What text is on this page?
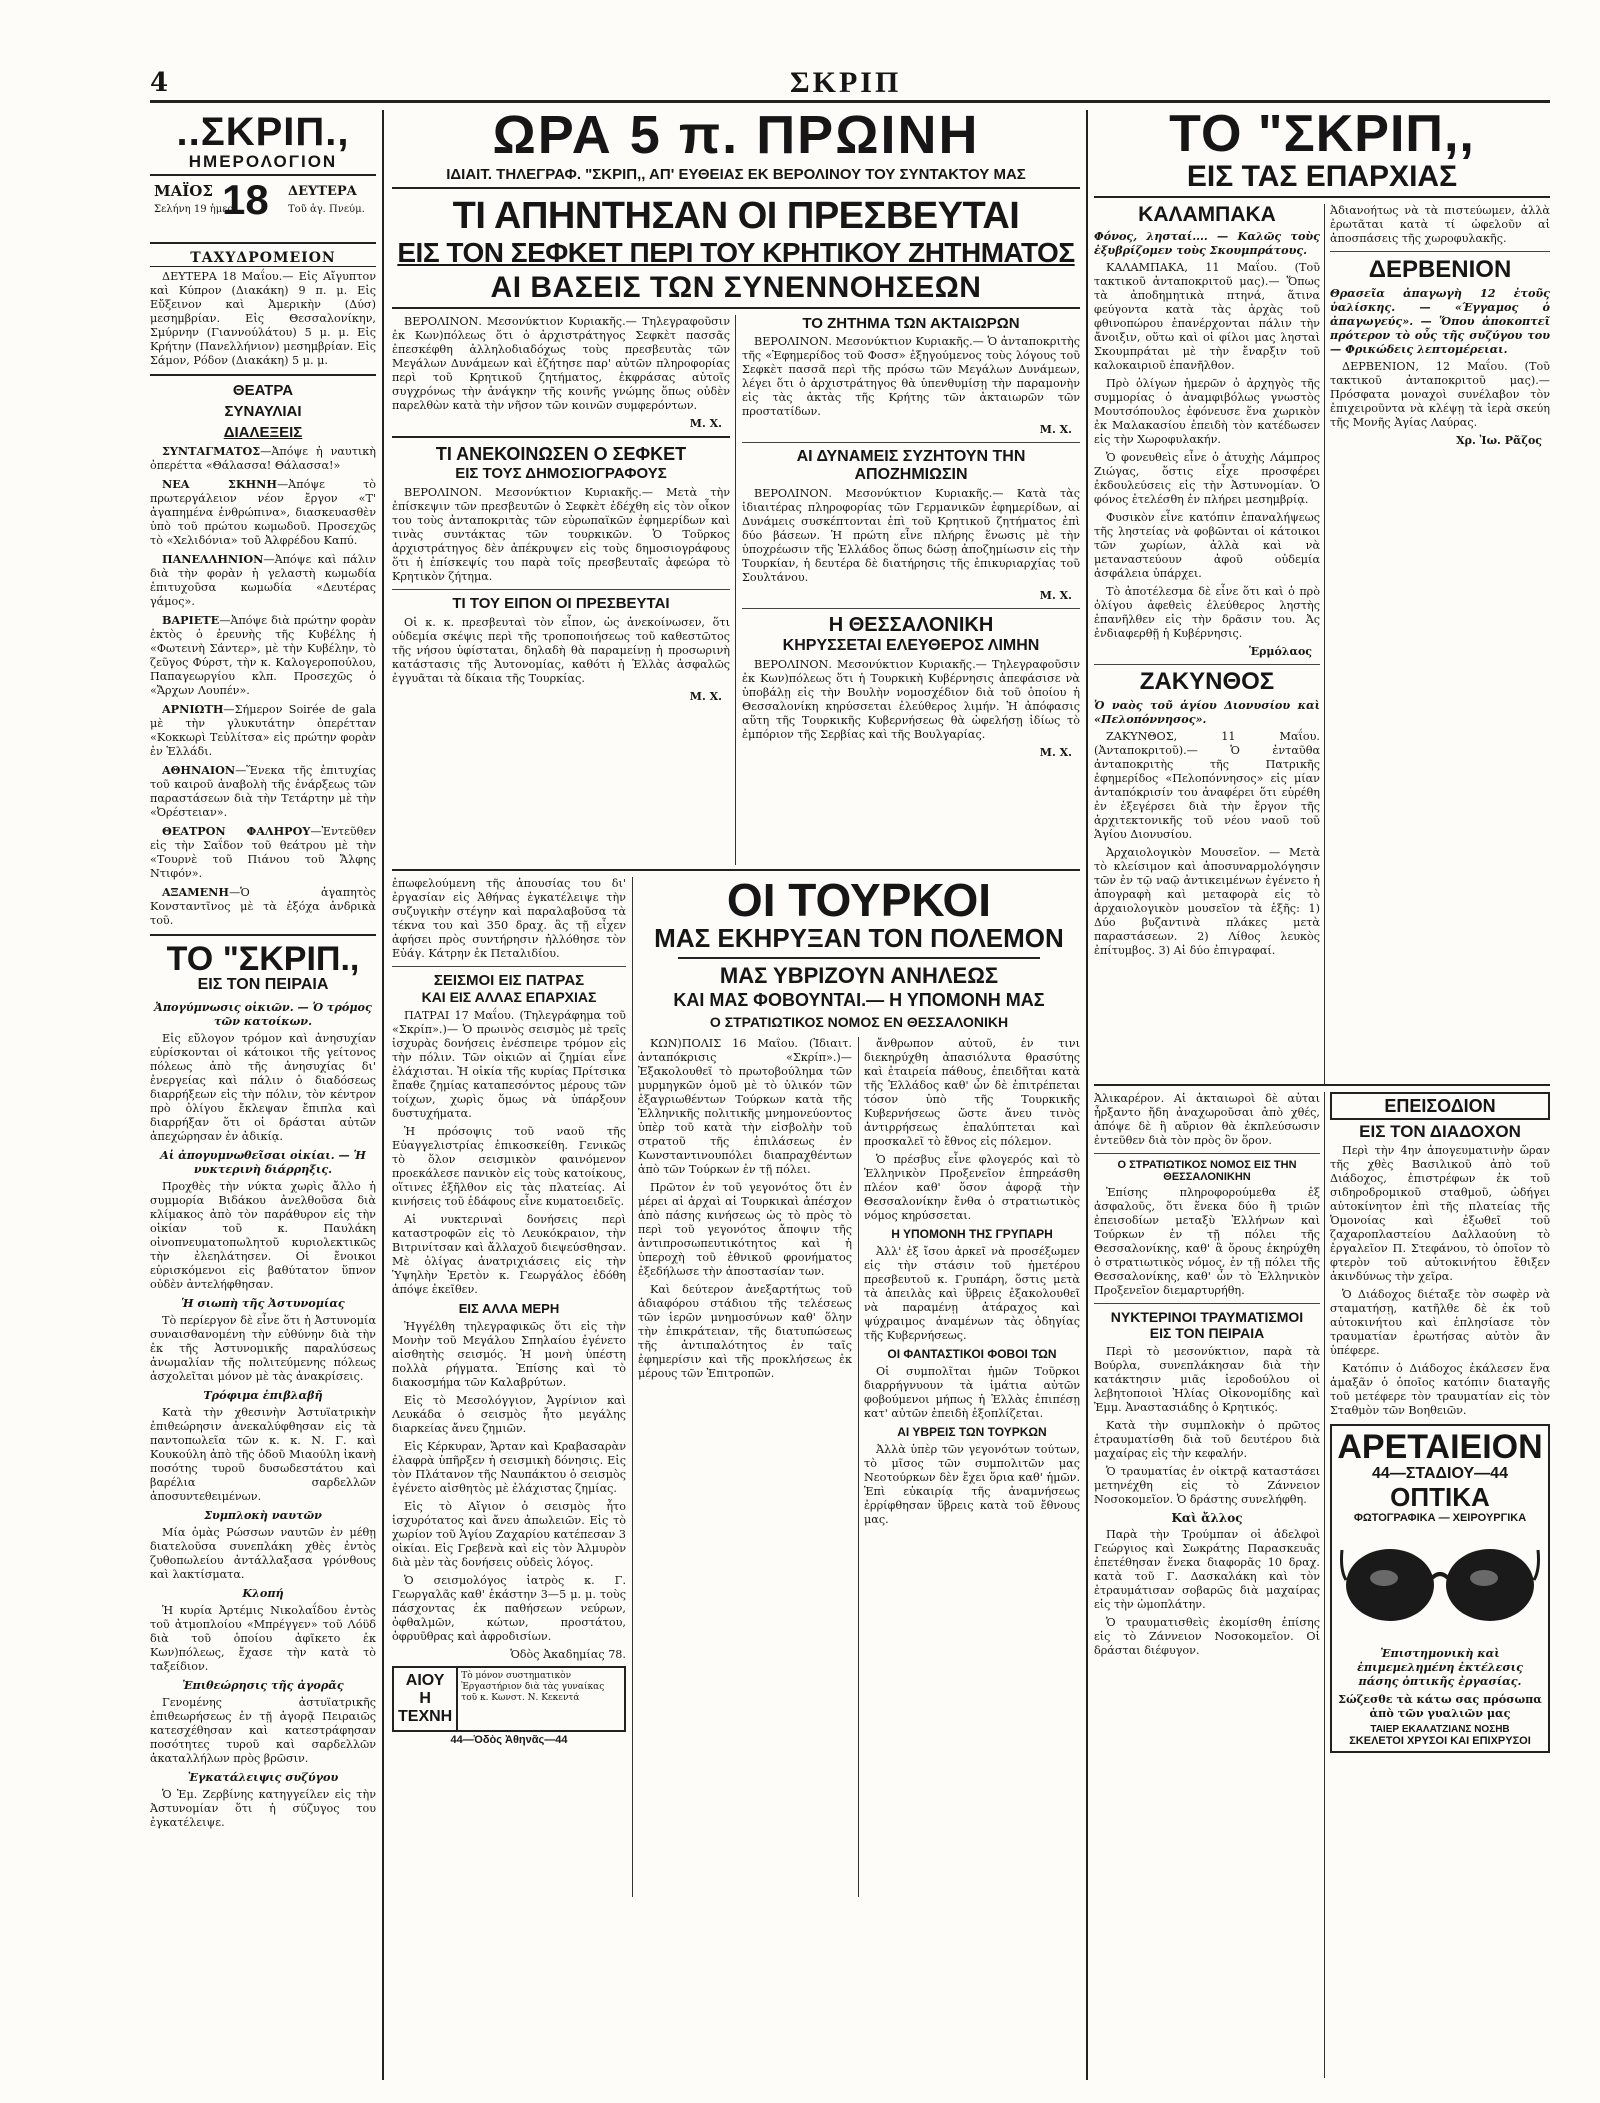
4	ΣΚΡΙΠ
..ΣΚΡΙΠ.,
ΗΜΕΡΟΛΟΓΙΟΝ
ΜΑΪΟΣ 18 ΔΕΥΤΕΡΑ
Σελήνη 19 ἡμερ.	Τοῦ ἁγ. Πνεύμ.
ΤΑΧΥΔΡΟΜΕΙΟΝ
ΔΕΥΤΕΡΑ 18 Μαΐου.— Εἰς Αἴγυπτον καὶ Κύπρον (Διακάκη) 9 π. μ. Εἰς Εὔξεινον καὶ Ἀμερικὴν (Δύσ) μεσημβρίαν. Εἰς Θεσσαλονίκην, Σμύρνην (Γιαννούλάτου) 5 μ. μ. Εἰς Κρήτην (Πανελλήνιον) μεσημβρίαν. Εἰς Σάμον, Ρόδον (Διακάκη) 5 μ. μ.
ΘΕΑΤΡΑ
ΣΥΝΑΥΛΙΑΙ
ΔΙΑΛΕΞΕΙΣ
ΣΥΝΤΑΓΜΑΤΟΣ—Ἀπόψε ἡ ναυτικὴ ὀπερέττα «Θάλασσα! Θάλασσα!»
ΝΕΑ ΣΚΗΝΗ—Ἀπόψε τὸ πρωτεργάλειον νέον ἔργον «Τ' ἀγαπημένα ἐνθρώπινα», διασκευασθὲν ὑπὸ τοῦ πρώτου κωμωδοῦ. Προσεχῶς τὸ «Χελιδόνια» τοῦ Ἀλφρέδου Καπύ.
ΠΑΝΕΛΛΗΝΙΟΝ—Ἀπόψε καὶ πάλιν διὰ τὴν φορὰν ἡ γελαστὴ κωμωδία ἐπιτυχοῦσα κωμωδία «Δευτέρας γάμος».
ΒΑΡΙΕΤΕ—Ἀπόψε διὰ πρώτην φορὰν ἐκτὸς ὁ ἐρευνὴς τῆς Κυβέλης ἡ «Φωτεινὴ Σάντερ», μὲ τὴν Κυβέλην, τὸ ζεῦγος Φύρστ, τὴν κ. Καλογεροπούλου, Παπαγεωργίου κλπ. Προσεχῶς ὁ «Ἄρχων Λουπέν».
ΑΡΝΙΩΤΗ—Σήμερον Soirée de gala μὲ τὴν γλυκυτάτην ὀπερέτταν «Κοκκωρὶ Τεὐλίτσα» εἰς πρώτην φορὰν ἐν Ἑλλάδι.
ΑΘΗΝΑΙΟΝ—Ἕνεκα τῆς ἐπιτυχίας τοῦ καιροῦ ἀναβολὴ τῆς ἐνάρξεως τῶν παραστάσεων διὰ τὴν Τετάρτην μὲ τὴν «Ὀρέστειαν».
ΘΕΑΤΡΟΝ ΦΑΛΗΡΟΥ—Ἐντεῦθεν εἰς τὴν Σαΐδον τοῦ θεάτρου μὲ τὴν «Τουρνὲ τοῦ Πιάνου τοῦ Ἄλφης Ντιφόν».
ΑΞΑΜΕΝΗ—Ὁ ἀγαπητὸς Κονσταντῖνος μὲ τὰ ἐξόχα ἀνδρικὰ τοῦ.
ΤΟ "ΣΚΡΙΠ.,
ΕΙΣ ΤΟΝ ΠΕΙΡΑΙΑ
Ἀπογύμνωσις οἰκιῶν. — Ὁ τρόμος τῶν κατοίκων.
Εἰς εὔλογον τρόμον καὶ ἀνησυχίαν εὑρίσκονται οἱ κάτοικοι τῆς γείτονος πόλεως ἀπὸ τῆς ἀνησυχίας δι' ἐνεργείας καὶ πάλιν ὁ διαδόσεως διαρρήξεων εἰς τὴν πόλιν, τὸν κέντρον πρὸ ὀλίγου ἔκλεψαν ἔπιπλα καὶ διαρρήξαν ὅτι οἱ δράσται αὐτῶν ἀπεχώρησαν ἐν ἀδικίᾳ.
Αἱ ἀπογυμνωθεῖσαι οἰκίαι. — Ἡ νυκτερινὴ διάρρηξις.
Προχθὲς τὴν νύκτα χωρὶς ἄλλο ἡ συμμορία Βιδάκου ἀνελθοῦσα διὰ κλίμακος ἀπὸ τὸν παράθυρον εἰς τὴν οἰκίαν τοῦ κ. Παυλάκη οἰνοπνευματοπωλητοῦ κυριολεκτικῶς τὴν ἐλεηλάτησεν. Οἱ ἔνοικοι εὑρισκόμενοι εἰς βαθύτατον ὕπνον οὐδὲν ἀντελήφθησαν.
Ἡ σιωπὴ τῆς Ἀστυνομίας
Τὸ περίεργον δὲ εἶνε ὅτι ἡ Ἀστυνομία συναισθανομένη τὴν εὐθύνην διὰ τὴν ἐκ τῆς Ἀστυνομικῆς παραλύσεως ἀνωμαλίαν τῆς πολιτεύμενης πόλεως ἀσχολεῖται μόνον μὲ τὰς ἀνακρίσεις.
Τρόφιμα ἐπιβλαβῆ
Κατὰ τὴν χθεσινὴν Ἀστυϊατρικὴν ἐπιθεώρησιν ἀνεκαλύφθησαν εἰς τὰ παντοπωλεῖα τῶν κ. κ. Ν. Γ. καὶ Κουκούλη ἀπὸ τῆς ὁδοῦ Μιαούλη ἱκανὴ ποσότης τυροῦ δυσωδεστάτου καὶ βαρέλια σαρδελλῶν ἀποσυντεθειμένων.
Συμπλοκὴ ναυτῶν
Μία ὁμὰς Ρώσσων ναυτῶν ἐν μέθῃ διατελοῦσα συνεπλάκη χθὲς ἐντὸς ζυθοπωλείου ἀντάλλαξασα γρόνθους καὶ λακτίσματα.
Κλοπή
Ἡ κυρία Ἀρτέμις Νικολαΐδου ἐντὸς τοῦ ἀτμοπλοίου «Μπρέγγεν» τοῦ Λόϋδ διὰ τοῦ ὁποίου ἀφῖκετο ἐκ Κων)πόλεως, ἔχασε τὴν κατὰ τὸ ταξείδιον.
Ἐπιθεώρησις τῆς ἀγορᾶς
Γενομένης ἀστυϊατρικῆς ἐπιθεωρήσεως ἐν τῇ ἀγορᾷ Πειραιῶς κατεσχέθησαν καὶ κατεστράφησαν ποσότητες τυροῦ καὶ σαρδελλῶν ἀκαταλλήλων πρὸς βρῶσιν.
Ἐγκατάλειψις συζύγου
Ὁ Ἐμ. Ζερβίνης κατηγγείλεν εἰς τὴν Ἀστυνομίαν ὅτι ἡ σύζυγος του ἐγκατέλειψε.
ΩΡΑ 5 π. ΠΡΩΙΝΗ
ΙΔΙΑΙΤ. ΤΗΛΕΓΡΑΦ. "ΣΚΡΙΠ,, ΑΠ' ΕΥΘΕΙΑΣ ΕΚ ΒΕΡΟΛΙΝΟΥ ΤΟΥ ΣΥΝΤΑΚΤΟΥ ΜΑΣ
ΤΙ ΑΠΗΝΤΗΣΑΝ ΟΙ ΠΡΕΣΒΕΥΤΑΙ
ΕΙΣ ΤΟΝ ΣΕΦΚΕΤ ΠΕΡΙ ΤΟΥ ΚΡΗΤΙΚΟΥ ΖΗΤΗΜΑΤΟΣ
ΑΙ ΒΑΣΕΙΣ ΤΩΝ ΣΥΝΕΝΝΟΗΣΕΩΝ
ΒΕΡΟΛΙΝΟΝ. Μεσονύκτιον Κυριακῆς.— Τηλεγραφοῦσιν ἐκ Κων)πόλεως ὅτι ὁ ἀρχιστράτηγος Σεφκὲτ πασσᾶς ἐπεσκέφθη ἀλληλοδιαδόχως τοὺς πρεσβευτὰς τῶν Μεγάλων Δυνάμεων καὶ ἐζήτησε παρ' αὐτῶν πληροφορίας περὶ τοῦ Κρητικοῦ ζητήματος, ἐκφράσας αὐτοῖς συγχρόνως τὴν ἀνάγκην τῆς κοινῆς γνώμης ὅπως οὐδὲν παρελθὼν κατὰ τὴν νῆσον τῶν κοινῶν συμφερόντων.
Μ. Χ.
ΤΙ ΑΝΕΚΟΙΝΩΣΕΝ Ο ΣΕΦΚΕΤ
ΕΙΣ ΤΟΥΣ ΔΗΜΟΣΙΟΓΡΑΦΟΥΣ
ΒΕΡΟΛΙΝΟΝ. Μεσονύκτιον Κυριακῆς.— Μετὰ τὴν ἐπίσκεψιν τῶν πρεσβευτῶν ὁ Σεφκὲτ ἐδέχθη εἰς τὸν οἶκον του τοὺς ἀνταποκριτὰς τῶν εὐρωπαϊκῶν ἐφημερίδων καὶ τινὰς συντάκτας τῶν τουρκικῶν. Ὁ Τοῦρκος ἀρχιστράτηγος δὲν ἀπέκρυψεν εἰς τοὺς δημοσιογράφους ὅτι ἡ ἐπίσκεψίς του παρὰ τοῖς πρεσβευταῖς ἀφεώρα τὸ Κρητικὸν ζήτημα.
ΤΙ ΤΟΥ ΕΙΠΟΝ ΟΙ ΠΡΕΣΒΕΥΤΑΙ
Οἱ κ. κ. πρεσβευταὶ τὸν εἶπον, ὡς ἀνεκοίνωσεν, ὅτι οὐδεμία σκέψις περὶ τῆς τροποποιήσεως τοῦ καθεστῶτος τῆς νήσου ὑφίσταται, δηλαδὴ θὰ παραμείνῃ ἡ προσωρινὴ κατάστασις τῆς Ἀυτονομίας, καθότι ἡ Ἑλλὰς ἀσφαλῶς ἐγγυᾶται τὰ δίκαια τῆς Τουρκίας.
Μ. Χ.
ΤΟ ΖΗΤΗΜΑ ΤΩΝ ΑΚΤΑΙΩΡΩΝ
ΒΕΡΟΛΙΝΟΝ. Μεσονύκτιον Κυριακῆς.— Ὁ ἀνταποκριτὴς τῆς «Ἐφημερίδος τοῦ Φοσσ» ἐξηγούμενος τοὺς λόγους τοῦ Σεφκὲτ πασσᾶ περὶ τῆς πρόσω τῶν Μεγάλων Δυνάμεων, λέγει ὅτι ὁ ἀρχιστράτηγος θὰ ὑπενθυμίσῃ τὴν παραμονὴν εἰς τὰς ἀκτὰς τῆς Κρήτης τῶν ἀκταιωρῶν τῶν προστατίδων.
Μ. Χ.
ΑΙ ΔΥΝΑΜΕΙΣ ΣΥΖΗΤΟΥΝ ΤΗΝ ΑΠΟΖΗΜΙΩΣΙΝ
ΒΕΡΟΛΙΝΟΝ. Μεσονύκτιον Κυριακῆς.— Κατὰ τὰς ἰδιαιτέρας πληροφορίας τῶν Γερμανικῶν ἐφημερίδων, αἱ Δυνάμεις συσκέπτονται ἐπὶ τοῦ Κρητικοῦ ζητήματος ἐπὶ δύο βάσεων. Ἡ πρώτη εἶνε πλήρης ἕνωσις μὲ τὴν ὑποχρέωσιν τῆς Ἑλλάδος ὅπως δώσῃ ἀποζημίωσιν εἰς τὴν Τουρκίαν, ἡ δευτέρα δὲ διατήρησις τῆς ἐπικυριαρχίας τοῦ Σουλτάνου.
Μ. Χ.
Η ΘΕΣΣΑΛΟΝΙΚΗ
ΚΗΡΥΣΣΕΤΑΙ ΕΛΕΥΘΕΡΟΣ ΛΙΜΗΝ
ΒΕΡΟΛΙΝΟΝ. Μεσονύκτιον Κυριακῆς.— Τηλεγραφοῦσιν ἐκ Κων)πόλεως ὅτι ἡ Τουρκικὴ Κυβέρνησις ἀπεφάσισε νὰ ὑποβάλῃ εἰς τὴν Βουλὴν νομοσχέδιον διὰ τοῦ ὁποίου ἡ Θεσσαλονίκη κηρύσσεται ἐλεύθερος λιμήν. Ἡ ἀπόφασις αὕτη τῆς Τουρκικῆς Κυβερνήσεως θὰ ὠφελήσῃ ἰδίως τὸ ἐμπόριον τῆς Σερβίας καὶ τῆς Βουλγαρίας.
Μ. Χ.
ἐπωφελούμενη τῆς ἀπουσίας του δι' ἐργασίαν εἰς Ἀθήνας ἐγκατέλειψε τὴν συζυγικὴν στέγην καὶ παραλαβοῦσα τὰ τέκνα του καὶ 350 δραχ. ἃς τῇ εἶχεν ἀφήσει πρὸς συντήρησιν ἠλλόθησε τὸν Εὐάγ. Κάτρην ἐκ Πεταλιδίου.
ΣΕΙΣΜΟΙ ΕΙΣ ΠΑΤΡΑΣ
ΚΑΙ ΕΙΣ ΑΛΛΑΣ ΕΠΑΡΧΙΑΣ
ΠΑΤΡΑΙ 17 Μαΐου. (Τηλεγράφημα τοῦ «Σκρίπ».)— Ὁ πρωινὸς σεισμὸς μὲ τρεῖς ἰσχυρὰς δονήσεις ἐνέσπειρε τρόμον εἰς τὴν πόλιν. Τῶν οἰκιῶν αἱ ζημίαι εἶνε ἐλάχισται. Ἡ οἰκία τῆς κυρίας Πρίτσικα ἔπαθε ζημίας καταπεσόντος μέρους τῶν τοίχων, χωρὶς ὅμως νὰ ὑπάρξουν δυστυχήματα.
Ἡ πρόσοψις τοῦ ναοῦ τῆς Εὐαγγελιστρίας ἐπικοσκείθη. Γενικῶς τὸ ὅλον σεισμικὸν φαινόμενον προεκάλεσε πανικὸν εἰς τοὺς κατοίκους, οἵτινες ἐξῆλθον εἰς τὰς πλατείας. Αἱ κινήσεις τοῦ ἐδάφους εἶνε κυματοειδεῖς.
Αἱ νυκτεριναὶ δονήσεις περὶ καταστροφῶν εἰς τὸ Λευκόκραιον, τὴν Βιτρινίτσαν καὶ ἄλλαχοῦ διεψεύσθησαν. Μὲ ὀλίγας ἀνατριχιάσεις εἰς τὴν Ὑψηλὴν Ἐρετὸν κ. Γεωργάλος ἐδόθη ἀπόψε ἐκεῖθεν.
ΕΙΣ ΑΛΛΑ ΜΕΡΗ
Ἠγγέλθη τηλεγραφικῶς ὅτι εἰς τὴν Μονὴν τοῦ Μεγάλου Σπηλαίου ἐγένετο αἰσθητὴς σεισμός. Ἡ μονὴ ὑπέστη πολλὰ ρήγματα. Ἐπίσης καὶ τὸ διακοσμήμα τῶν Καλαβρύτων.
Εἰς τὸ Μεσολόγγιον, Ἀγρίνιον καὶ Λευκάδα ὁ σεισμὸς ἦτο μεγάλης διαρκείας ἄνευ ζημιῶν.
Εἰς Κέρκυραν, Ἄρταν καὶ Κραβασαρὰν ἐλαφρὰ ὑπῆρξεν ἡ σεισμικὴ δόνησις. Εἰς τὸν Πλάτανον τῆς Ναυπάκτου ὁ σεισμὸς ἐγένετο αἰσθητὸς μὲ ἐλάχιστας ζημίας.
Εἰς τὸ Αἴγιον ὁ σεισμὸς ἦτο ἰσχυρότατος καὶ ἄνευ ἀπωλειῶν. Εἰς τὸ χωρίον τοῦ Ἁγίου Ζαχαρίου κατέπεσαν 3 οἰκίαι. Εἰς Γρεβενὰ καὶ εἰς τὸν Ἀλμυρὸν διὰ μὲν τὰς δονήσεις οὐδεὶς λόγος.
Ὁ σεισμολόγος ἰατρὸς κ. Γ. Γεωργαλᾶς καθ' ἑκάστην 3—5 μ. μ. τοὺς πάσχοντας ἐκ παθήσεων νεύρων, ὀφθαλμῶν, κώτων, προστάτου, ὀφρυῦθρας καὶ ἀφροδισίων.
Ὁδὸς Ἀκαδημίας 78.
ΑΙΟΥ Η ΤΕΧΝΗ
Τὸ μόνον συστηματικὸν Ἐργαστήριον διὰ τὰς γυναίκας τοῦ κ. Κωνστ. Ν. Κεκεντά
44—Ὁδὸς Ἀθηνᾶς—44
ΟΙ ΤΟΥΡΚΟΙ
ΜΑΣ ΕΚΗΡΥΞΑΝ ΤΟΝ ΠΟΛΕΜΟΝ
ΜΑΣ ΥΒΡΙΖΟΥΝ ΑΝΗΛΕΩΣ
ΚΑΙ ΜΑΣ ΦΟΒΟΥΝΤΑΙ.— Η ΥΠΟΜΟΝΗ ΜΑΣ
Ο ΣΤΡΑΤΙΩΤΙΚΟΣ ΝΟΜΟΣ ΕΝ ΘΕΣΣΑΛΟΝΙΚΗ
ΚΩΝ)ΠΟΛΙΣ 16 Μαΐου. (Ἰδιαιτ. ἀνταπόκρισις «Σκρίπ».)— Ἐξακολουθεῖ τὸ πρωτοβούλημα τῶν μυρμηγκῶν ὁμοῦ μὲ τὸ ὑλικόν τῶν ἐξαγριωθέντων Τούρκων κατὰ τῆς Ἑλληνικῆς πολιτικῆς μνημονεύοντος ὑπὲρ τοῦ κατὰ τὴν εἰσβολὴν τοῦ στρατοῦ τῆς ἐπιλάσεως ἐν Κωνσταντινουπόλει διαπραχθέντων ἀπὸ τῶν Τούρκων ἐν τῇ πόλει.
Πρῶτον ἐν τοῦ γεγονότος ὅτι ἐν μέρει αἱ ἀρχαὶ αἱ Τουρκικαὶ ἀπέσχον ἀπὸ πάσης κινήσεως ὡς τὸ πρὸς τὸ περὶ τοῦ γεγονότος ἄποψιν τῆς ἀντιπροσωπευτικότητος καὶ ἡ ὑπεροχὴ τοῦ ἐθνικοῦ φρονήματος ἐξεδήλωσε τὴν ἀποστασίαν των.
Καὶ δεύτερον ἀνεξαρτήτως τοῦ ἀδιαφόρου στάδιου τῆς τελέσεως τῶν ἱερῶν μνημοσύνων καθ' ὅλην τὴν ἐπικράτειαν, τῆς διατυπώσεως τῆς ἀντιπαλότητος ἐν ταῖς ἐφημερίσιν καὶ τῆς προκλήσεως ἐκ μέρους τῶν Ἐπιτροπῶν.
ἄνθρωπον αὐτοῦ, ἐν τινι διεκηρύχθη ἀπασιόλυτα θρασύτης καὶ ἐταιρεία πάθους, ἐπειδῆται κατὰ τῆς Ἑλλάδος καθ' ὧν δὲ ἐπιτρέπεται τόσον ὑπὸ τῆς Τουρκικῆς Κυβερνήσεως ὥστε ἄνευ τινὸς ἀντιρρήσεως ἐπαλύπτεται καὶ προσκαλεῖ τὸ ἔθνος εἰς πόλεμον.
Ὁ πρέσβυς εἶνε φλογερός καὶ τὸ Ἑλληνικὸν Προξενεῖον ἐπηρεάσθη πλέον καθ' ὅσον ἀφορᾷ τὴν Θεσσαλονίκην ἔνθα ὁ στρατιωτικὸς νόμος κηρύσσεται.
Η ΥΠΟΜΟΝΗ ΤΗΣ ΓΡΥΠΑΡΗ
Ἀλλ' ἐξ ἴσου ἀρκεῖ νὰ προσέξωμεν εἰς τὴν στάσιν τοῦ ἡμετέρου πρεσβευτοῦ κ. Γρυπάρη, ὅστις μετὰ τὰ ἀπειλὰς καὶ ὕβρεις ἐξακολουθεῖ νὰ παραμένῃ ἀτάραχος καὶ ψύχραιμος ἀναμένων τὰς ὁδηγίας τῆς Κυβερνήσεως.
ΟΙ ΦΑΝΤΑΣΤΙΚΟΙ ΦΟΒΟΙ ΤΩΝ
Οἱ συμπολῖται ἡμῶν Τοῦρκοι διαρρήγνυουν τὰ ἱμάτια αὐτῶν φοβούμενοι μήπως ἡ Ἑλλὰς ἐπιπέσῃ κατ' αὐτῶν ἐπειδὴ ἐξοπλίζεται.
ΑΙ ΥΒΡΕΙΣ ΤΩΝ ΤΟΥΡΚΩΝ
Ἀλλὰ ὑπὲρ τῶν γεγονότων τούτων, τὸ μῖσος τῶν συμπολιτῶν μας Νεοτούρκων δὲν ἔχει ὅρια καθ' ἡμῶν. Ἐπὶ εὐκαιρίᾳ τῆς ἀναμνήσεως ἐρρίφθησαν ὕβρεις κατὰ τοῦ ἔθνους μας.
ΤΟ "ΣΚΡΙΠ,,
ΕΙΣ ΤΑΣ ΕΠΑΡΧΙΑΣ
ΚΑΛΑΜΠΑΚΑ
Φόνος, λησταί.... — Καλῶς τοὺς ἐξυβρίζομεν τοὺς Σκουμπράτους.
ΚΑΛΑΜΠΑΚΑ, 11 Μαΐου. (Τοῦ τακτικοῦ ἀνταποκριτοῦ μας).— Ὅπως τὰ ἀποδημητικὰ πτηνά, ἅτινα φεύγοντα κατὰ τὰς ἀρχὰς τοῦ φθινοπώρου ἐπανέρχονται πάλιν τὴν ἄνοιξιν, οὕτω καὶ οἱ φίλοι μας λησταὶ Σκουμπράται μὲ τὴν ἔναρξιν τοῦ καλοκαιριοῦ ἐπανῆλθον.
Πρὸ ὀλίγων ἡμερῶν ὁ ἀρχηγὸς τῆς συμμορίας ὁ ἀναμφιβόλως γνωστὸς Μουτσόπουλος ἐφόνευσε ἕνα χωρικὸν ἐκ Μαλακασίου ἐπειδὴ τὸν κατέδωσεν εἰς τὴν Χωροφυλακήν.
Ὁ φονευθεὶς εἶνε ὁ ἀτυχὴς Λάμπρος Ζιώγας, ὅστις εἶχε προσφέρει ἐκδουλεύσεις εἰς τὴν Ἀστυνομίαν. Ὁ φόνος ἐτελέσθη ἐν πλήρει μεσημβρίᾳ.
Φυσικὸν εἶνε κατόπιν ἐπαναλήψεως τῆς ληστείας νὰ φοβῶνται οἱ κάτοικοι τῶν χωρίων, ἀλλὰ καὶ νὰ μεταναστεύουν ἀφοῦ οὐδεμία ἀσφάλεια ὑπάρχει.
Τὸ ἀποτέλεσμα δὲ εἶνε ὅτι καὶ ὁ πρὸ ὀλίγου ἀφεθεὶς ἐλεύθερος ληστὴς ἐπανῆλθεν εἰς τὴν δρᾶσιν του. Ἀς ἐνδιαφερθῇ ἡ Κυβέρνησις.
Ἑρμόλαος
ΖΑΚΥΝΘΟΣ
Ὁ ναὸς τοῦ ἁγίου Διονυσίου καὶ «Πελοπόννησος».
ΖΑΚΥΝΘΟΣ, 11 Μαΐου. (Ἀνταποκριτοῦ).— Ὁ ἐνταῦθα ἀνταποκριτὴς τῆς Πατρικῆς ἐφημερίδος «Πελοπόννησος» εἰς μίαν ἀνταπόκρισίν του ἀναφέρει ὅτι εὑρέθη ἐν ἐξεγέρσει διὰ τὴν ἔργον τῆς ἀρχιτεκτονικῆς τοῦ νέου ναοῦ τοῦ Ἁγίου Διονυσίου.
Ἀρχαιολογικὸν Μουσεῖον. — Μετὰ τὸ κλείσιμον καὶ ἀποσυναρμολόγησιν τῶν ἐν τῷ ναῷ ἀντικειμένων ἐγένετο ἡ ἀπογραφὴ καὶ μεταφορὰ εἰς τὸ ἀρχαιολογικὸν μουσεῖον τὰ ἑξῆς: 1) Δύο βυζαντινὰ πλάκες μετὰ παραστάσεων. 2) Λίθος λευκὸς ἐπίτυμβος. 3) Αἱ δύο ἐπιγραφαί.
Ἀδιανοήτως νὰ τὰ πιστεύωμεν, ἀλλὰ ἐρωτᾶται κατὰ τί ὠφελοῦν αἱ ἀποσπάσεις τῆς χωροφυλακῆς.
ΔΕΡΒΕΝΙΟΝ
Θρασεῖα ἀπαγωγὴ 12 ἐτοῦς ὑαλίσκης. — «Έγγαμος ὁ ἀπαγωγεύς». — Ὅπου ἀποκοπτεῖ πρότερον τὸ οὖς τῆς συζύγου του — Φρικώδεις λεπτομέρειαι.
ΔΕΡΒΕΝΙΟΝ, 12 Μαΐου. (Τοῦ τακτικοῦ ἀνταποκριτοῦ μας).— Πρόσφατα μοναχοὶ συνέλαβον τὸν ἐπιχειροῦντα νὰ κλέψῃ τὰ ἱερὰ σκεύη τῆς Μονῆς Ἀγίας Λαύρας.
Χρ. Ἰω. Ρᾶζος
Ἀλικαρέρον. Αἱ ἀκταιωροὶ δὲ αὗται ἦρξαντο ἤδη ἀναχωροῦσαι ἀπὸ χθές, ἀπόψε δὲ ἢ αὔριον θὰ ἐκπλεύσωσιν ἐντεῦθεν διὰ τὸν πρὸς ὃν ὅρον.
Ο ΣΤΡΑΤΙΩΤΙΚΟΣ ΝΟΜΟΣ ΕΙΣ ΤΗΝ ΘΕΣΣΑΛΟΝΙΚΗΝ
Ἐπίσης πληροφορούμεθα ἐξ ἀσφαλοῦς, ὅτι ἕνεκα δύο ἢ τριῶν ἐπεισοδίων μεταξὺ Ἑλλήνων καὶ Τούρκων ἐν τῇ πόλει τῆς Θεσσαλονίκης, καθ' ἃ ὅρους ἐκηρύχθη ὁ στρατιωτικὸς νόμος, ἐν τῇ πόλει τῆς Θεσσαλονίκης, καθ' ὧν τὸ Ἑλληνικὸν Προξενεῖον διεμαρτυρήθη.
ΝΥΚΤΕΡΙΝΟΙ ΤΡΑΥΜΑΤΙΣΜΟΙ
ΕΙΣ ΤΟΝ ΠΕΙΡΑΙΑ
Περὶ τὸ μεσονύκτιον, παρὰ τὰ Βούρλα, συνεπλάκησαν διὰ τὴν κατάκτησιν μιᾶς ἱεροδούλου οἱ λεβητοποιοὶ Ἠλίας Οἰκονομίδης καὶ Ἐμμ. Ἀναστασιάδης ὁ Κρητικός.
Κατὰ τὴν συμπλοκὴν ὁ πρῶτος ἐτραυματίσθη διὰ τοῦ δευτέρου διὰ μαχαίρας εἰς τὴν κεφαλήν.
Ὁ τραυματίας ἐν οἰκτρᾷ καταστάσει μετηνέχθη εἰς τὸ Ζάννειον Νοσοκομεῖον. Ὁ δράστης συνελήφθη.
Καὶ ἄλλος
Παρὰ τὴν Τρούμπαν οἱ ἀδελφοὶ Γεώργιος καὶ Σωκράτης Παρασκευᾶς ἐπετέθησαν ἕνεκα διαφορᾶς 10 δραχ. κατὰ τοῦ Γ. Δασκαλάκη καὶ τὸν ἐτραυμάτισαν σοβαρῶς διὰ μαχαίρας εἰς τὴν ὠμοπλάτην.
Ὁ τραυματισθεὶς ἐκομίσθη ἐπίσης εἰς τὸ Ζάννειον Νοσοκομεῖον. Οἱ δράσται διέφυγον.
ΕΠΕΙΣΟΔΙΟΝ
ΕΙΣ ΤΟΝ ΔΙΑΔΟΧΟΝ
Περὶ τὴν 4ην ἀπογευματινὴν ὥραν τῆς χθὲς Βασιλικοῦ ἀπὸ τοῦ Διάδοχος, ἐπιστρέφων ἐκ τοῦ σιδηροδρομικοῦ σταθμοῦ, ὡδήγει αὐτοκίνητον ἐπὶ τῆς πλατείας τῆς Ὁμονοίας καὶ ἐξωθεῖ τοῦ ζαχαροπλαστείου Δαλλαούνη τὸ ἐργαλεῖον Π. Στεφάνου, τὸ ὁποῖον τὸ φτερὸν τοῦ αὐτοκινήτου ἔθιξεν ἀκινδύνως τὴν χεῖρα.
Ὁ Διάδοχος διέταξε τὸν σωφὲρ νὰ σταματήσῃ, κατῆλθε δὲ ἐκ τοῦ αὐτοκινήτου καὶ ἐπλησίασε τὸν τραυματίαν ἐρωτήσας αὐτὸν ἂν ὑπέφερε.
Κατόπιν ὁ Διάδοχος ἐκάλεσεν ἕνα ἁμαξᾶν ὁ ὁποῖος κατόπιν διαταγῆς τοῦ μετέφερε τὸν τραυματίαν εἰς τὸν Σταθμὸν τῶν Βοηθειῶν.
ΑΡΕΤΑΙΕΙΟΝ
44—ΣΤΑΔΙΟΥ—44
ΟΠΤΙΚΑ
ΦΩΤΟΓΡΑΦΙΚΑ — ΧΕΙΡΟΥΡΓΙΚΑ
Ἐπιστημονικὴ καὶ ἐπιμεμελημένη ἐκτέλεσις πάσης ὀπτικῆς ἐργασίας.
Σώζεσθε τὰ κάτω σας πρόσωπα ἀπὸ τῶν γυαλιῶν μας
ΤΑΙΕΡ ΕΚΑΛΑΤΖΙΑΝΣ ΝΟΣΗΒ
ΣΚΕΛΕΤΟΙ ΧΡΥΣΟΙ ΚΑΙ ΕΠΙΧΡΥΣΟΙ
